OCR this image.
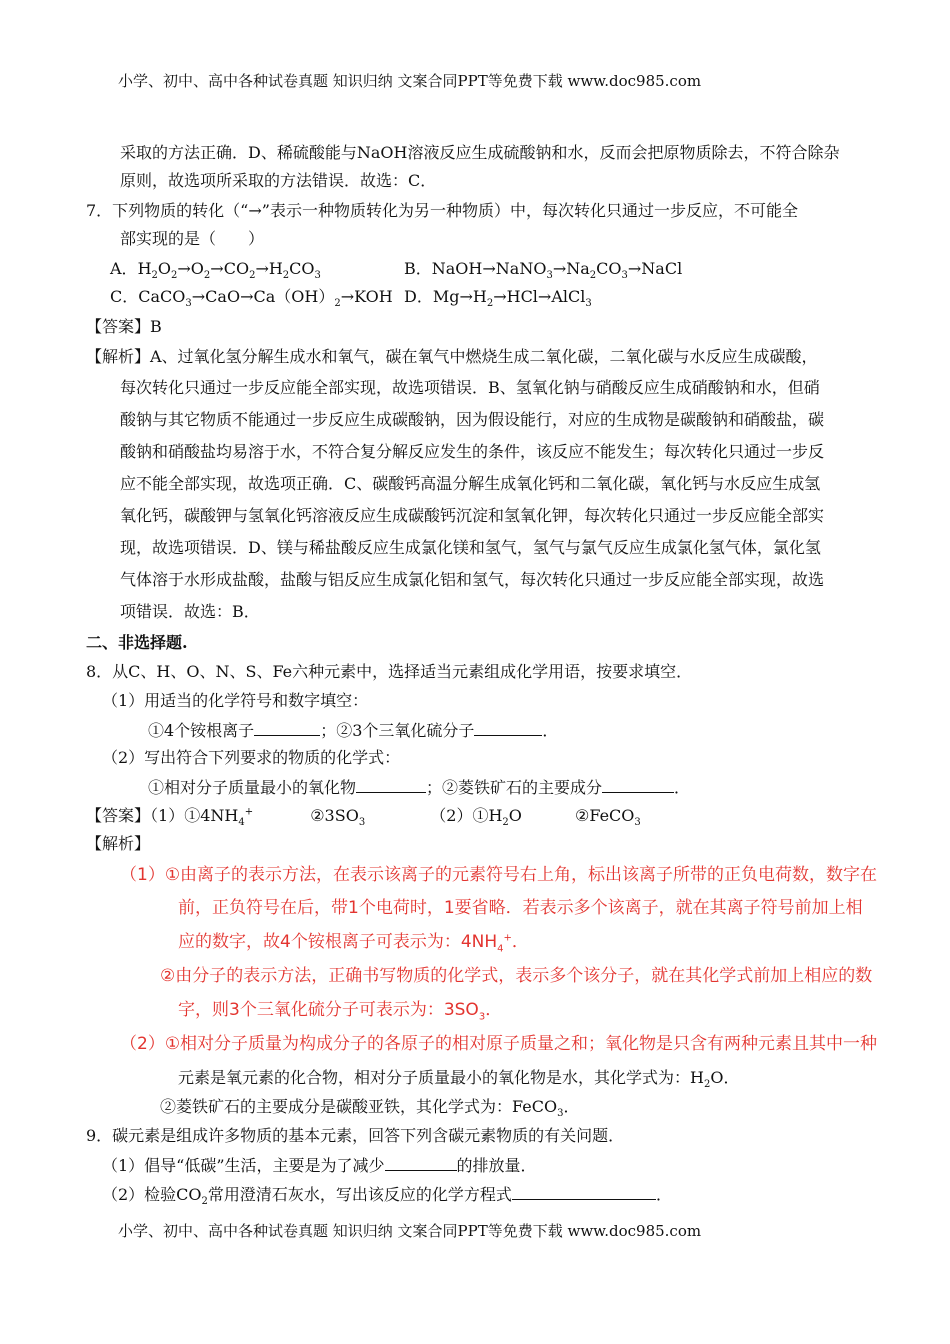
小学、初中、高中各种试卷真题 知识归纳 文案合同PPT等免费下载 www.doc985.com
采取的方法正确．D、稀硫酸能与NaOH溶液反应生成硫酸钠和水，反而会把原物质除去，不符合除杂
原则，故选项所采取的方法错误．故选：C．
7．下列物质的转化（“→”表示一种物质转化为另一种物质）中，每次转化只通过一步反应，不可能全
部实现的是（　　）
A．$H_2O_2\to O_2\to CO_2\to H_2CO_3$	B．$NaOH\to NaNO_3\to Na_2CO_3\to NaCl$
C．$CaCO_3\to CaO\to Ca(OH)_2\to KOH$ D．$Mg\to H_2\to HCl\to AlCl_3$
【答案】B
【解析】A、过氧化氢分解生成水和氧气，碳在氧气中燃烧生成二氧化碳，二氧化碳与水反应生成碳酸，
每次转化只通过一步反应能全部实现，故选项错误．B、氢氧化钠与硝酸反应生成硝酸钠和水，但硝
酸钠与其它物质不能通过一步反应生成碳酸钠，因为假设能行，对应的生成物是碳酸钠和硝酸盐，碳
酸钠和硝酸盐均易溶于水，不符合复分解反应发生的条件，该反应不能发生；每次转化只通过一步反
应不能全部实现，故选项正确．C、碳酸钙高温分解生成氧化钙和二氧化碳，氧化钙与水反应生成氢
氧化钙，碳酸钾与氢氧化钙溶液反应生成碳酸钙沉淀和氢氧化钾，每次转化只通过一步反应能全部实
现，故选项错误．D、镁与稀盐酸反应生成氯化镁和氢气，氢气与氯气反应生成氯化氢气体，氯化氢
气体溶于水形成盐酸，盐酸与铝反应生成氯化铝和氢气，每次转化只通过一步反应能全部实现，故选
项错误．故选：B．
二、非选择题.
8．从C、H、O、N、S、Fe六种元素中，选择适当元素组成化学用语，按要求填空．
（1）用适当的化学符号和数字填空：
①4个铵根离子	；②3个三氧化硫分子	．
（2）写出符合下列要求的物质的化学式：
①相对分子质量最小的氧化物	；②菱铁矿石的主要成分	．
【答案】$(1)①4NH_4^+$	$②3SO_3$	$(2)①H_2O$	②FeCO$_3$
【解析】
（1）①由离子的表示方法，在表示该离子的元素符号右上角，标出该离子所带的正负电荷数，数字在
前，正负符号在后，带1个电荷时，1要省略．若表示多个该离子，就在其离子符号前加上相
应的数字，故4个铵根离子可表示为：$4NH_4^+$．
②由分子的表示方法，正确书写物质的化学式，表示多个该分子，就在其化学式前加上相应的数
字，则3个三氧化硫分子可表示为：$3SO_3$．
（2）①相对分子质量为构成分子的各原子的相对原子质量之和；氧化物是只含有两种元素且其中一种
元素是氧元素的化合物，相对分子质量最小的氧化物是水，其化学式为：$H_2O$．
②菱铁矿石的主要成分是碳酸亚铁，其化学式为：FeCO$_3$．
9．碳元素是组成许多物质的基本元素，回答下列含碳元素物质的有关问题．
（1）倡导“低碳”生活，主要是为了减少	的排放量．
（2）检验$CO_2$常用澄清石灰水，写出该反应的化学方程式	．
小学、初中、高中各种试卷真题 知识归纳 文案合同PPT等免费下载 www.doc985.com
